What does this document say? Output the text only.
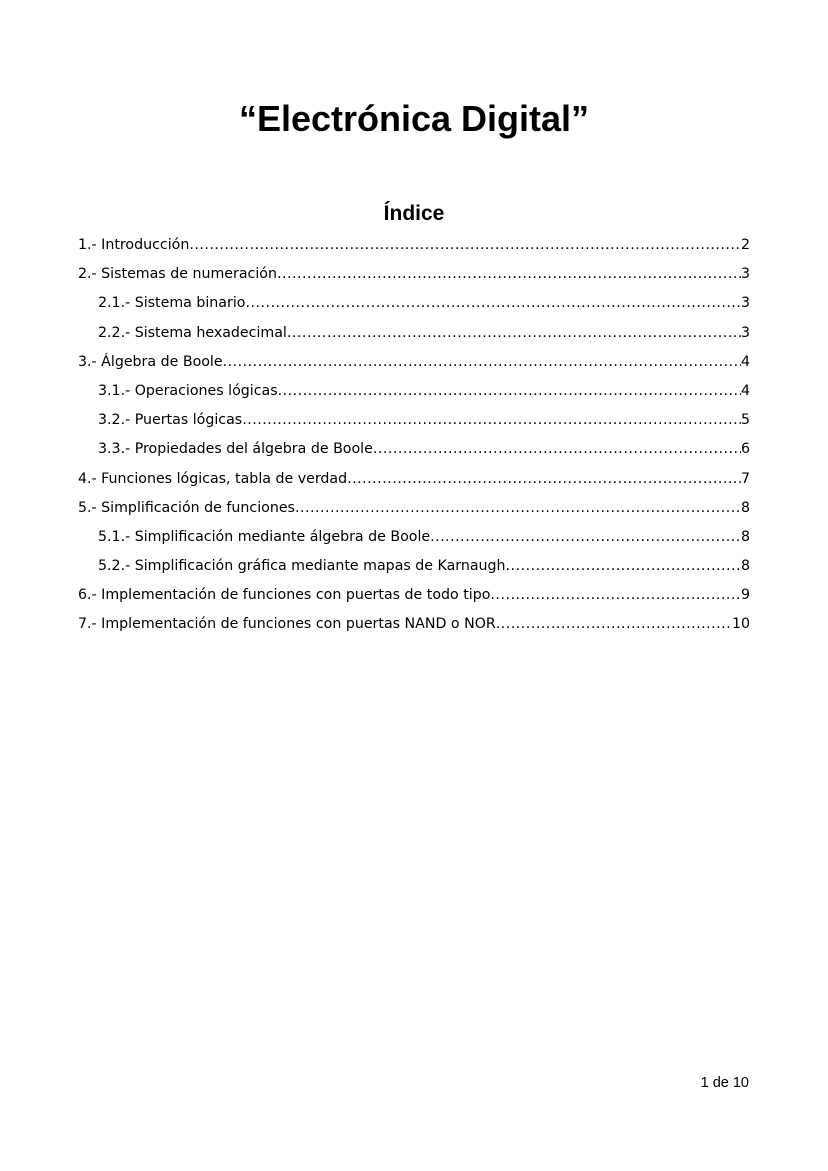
“Electrónica Digital”
Índice
1.- Introducción .....	2
2.- Sistemas de numeración .....	3
2.1.- Sistema binario .....	3
2.2.- Sistema hexadecimal .....	3
3.- Álgebra de Boole .....	4
3.1.- Operaciones lógicas .....	4
3.2.- Puertas lógicas .....	5
3.3.- Propiedades del álgebra de Boole .....	6
4.- Funciones lógicas, tabla de verdad .....	7
5.- Simplificación de funciones .....	8
5.1.- Simplificación mediante álgebra de Boole .....	8
5.2.- Simplificación gráfica mediante mapas de Karnaugh .....	8
6.- Implementación de funciones con puertas de todo tipo .....	9
7.- Implementación de funciones con puertas NAND o NOR .....	10
1 de 10
